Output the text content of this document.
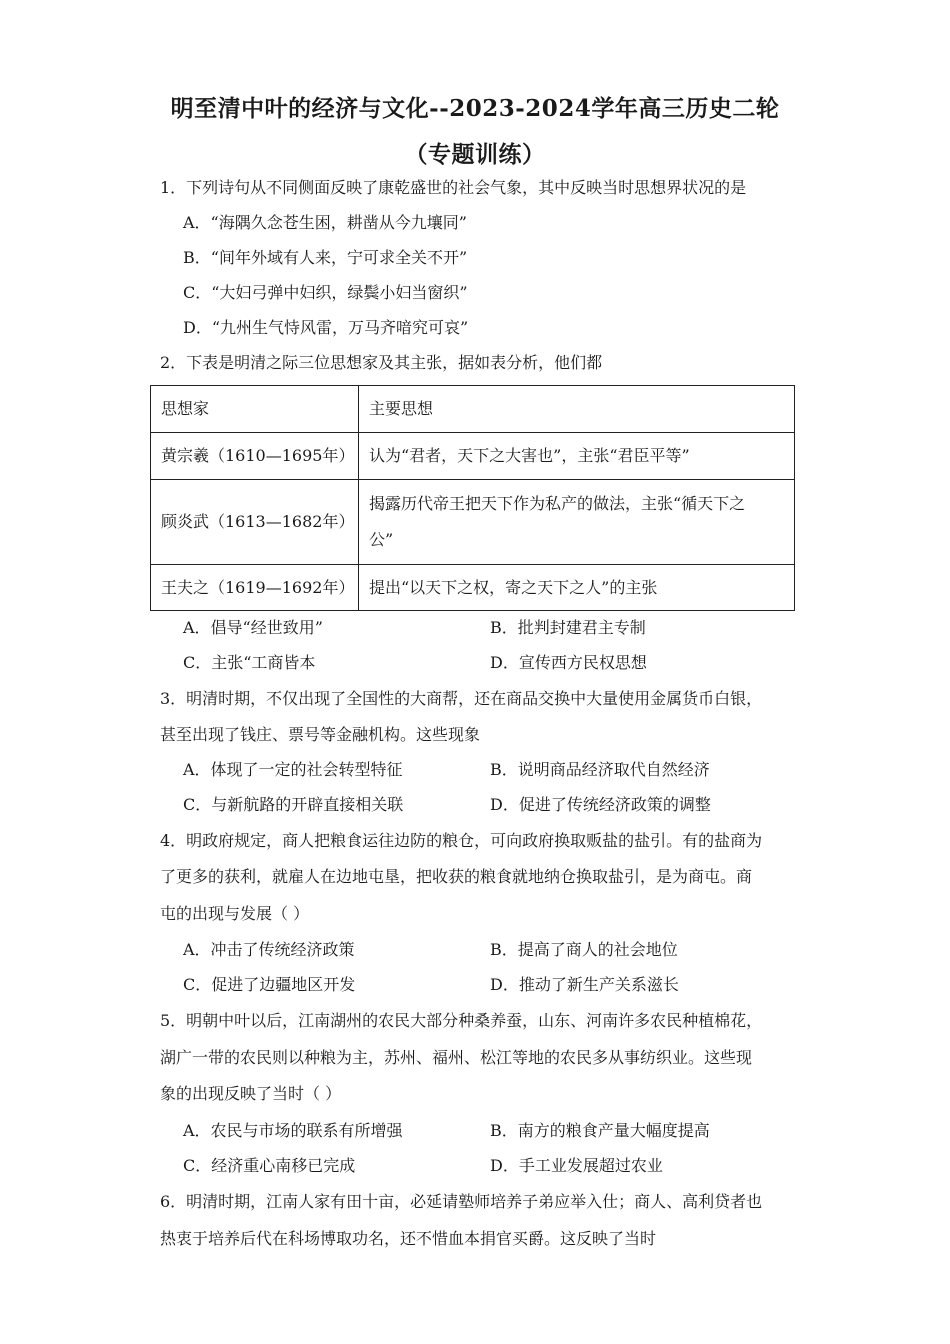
明至清中叶的经济与文化--2023-2024学年高三历史二轮
（专题训练）
1．下列诗句从不同侧面反映了康乾盛世的社会气象，其中反映当时思想界状况的是
A．“海隅久念苍生困，耕凿从今九壤同”
B．“间年外域有人来，宁可求全关不开”
C．“大妇弓弹中妇织，绿鬓小妇当窗织”
D．“九州生气恃风雷，万马齐喑究可哀”
2．下表是明清之际三位思想家及其主张，据如表分析，他们都
思想家	主要思想
黄宗羲（1610—1695年）	认为“君者，天下之大害也”，主张“君臣平等”
顾炎武（1613—1682年）	揭露历代帝王把天下作为私产的做法，主张“循天下之
公”
王夫之（1619—1692年）	提出“以天下之权，寄之天下之人”的主张
A．倡导“经世致用”	B．批判封建君主专制
C．主张“工商皆本	D．宣传西方民权思想
3．明清时期，不仅出现了全国性的大商帮，还在商品交换中大量使用金属货币白银，
甚至出现了钱庄、票号等金融机构。这些现象
A．体现了一定的社会转型特征	B．说明商品经济取代自然经济
C．与新航路的开辟直接相关联	D．促进了传统经济政策的调整
4．明政府规定，商人把粮食运往边防的粮仓，可向政府换取贩盐的盐引。有的盐商为
了更多的获利，就雇人在边地屯垦，把收获的粮食就地纳仓换取盐引，是为商屯。商
屯的出现与发展（ ）
A．冲击了传统经济政策	B．提高了商人的社会地位
C．促进了边疆地区开发	D．推动了新生产关系滋长
5．明朝中叶以后，江南湖州的农民大部分种桑养蚕，山东、河南许多农民种植棉花，
湖广一带的农民则以种粮为主，苏州、福州、松江等地的农民多从事纺织业。这些现
象的出现反映了当时（ ）
A．农民与市场的联系有所增强	B．南方的粮食产量大幅度提高
C．经济重心南移已完成	D．手工业发展超过农业
6．明清时期，江南人家有田十亩，必延请塾师培养子弟应举入仕；商人、高利贷者也
热衷于培养后代在科场博取功名，还不惜血本捐官买爵。这反映了当时
